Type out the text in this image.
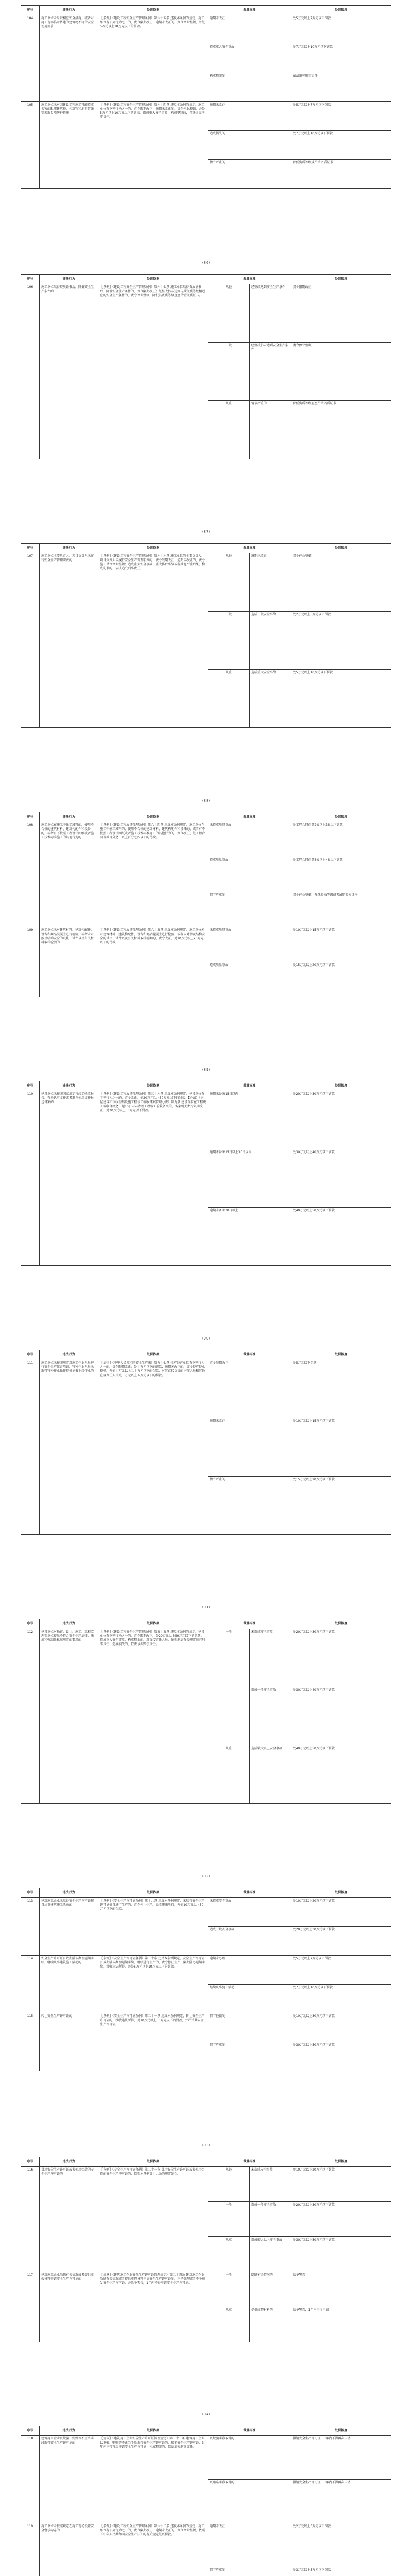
序号	违法行为	处罚依据	裁量标准	处罚幅度
104	施工单位未采取相应安全措施，或者对施工现场临时搭建的建筑物不符合安全使用要求	【条例】《建设工程安全生产管理条例》第六十五条 违反本条例的规定，施工单位有下列行为之一的，责令限期改正；逾期未改正的，责令停业整顿，并处5万元以上10万元以下的罚款。	逾期未改正	处5万元以上7万元以下罚款
			造成重大安全事故	处7万元以上10万元以下罚款
			构成犯罪的	依法追究刑事责任
105	施工单位未对因建设工程施工可能造成损害的毗邻建筑物、构筑物和地下管线等采取专项防护措施	【条例】《建设工程安全生产管理条例》第六十四条 违反本条例的规定，施工单位有下列行为之一的，责令限期改正；逾期未改正的，责令停业整顿，并处5万元以上10万元以下的罚款；造成重大安全事故，构成犯罪的，依法追究刑事责任。	逾期未改正	处5万元以上7万元以下罚款
			造成损失的	处7万元以上10万元以下罚款
			情节严重的	降低资质等级或吊销资质证书
(86)
序号	违法行为	处罚依据	裁量标准		处罚幅度
106	施工单位取得资质证书后，降低安全生产条件的	【条例】《建设工程安全生产管理条例》第六十七条 施工单位取得资质证书后，降低安全生产条件的，责令限期改正；经整改仍未达到与其资质等级相适应的安全生产条件的，责令停业整顿，降低其资质等级直至吊销资质证书。	从轻	经整改达到安全生产条件	责令限期改正
			一般	经整改仍未达到安全生产条件	责令停业整顿
			从重	情节严重的	降低资质等级直至吊销资质证书
(87)
序号	违法行为	处罚依据	裁量标准		处罚幅度
107	施工单位主要负责人、项目负责人未履行安全生产管理职责的	【条例】《建设工程安全生产管理条例》第六十六条 施工单位的主要负责人、项目负责人未履行安全生产管理职责的，责令限期改正；逾期未改正的，责令施工单位停业整顿；造成重大安全事故、重大伤亡事故或者其他严重后果，构成犯罪的，依法追究刑事责任。	从轻	逾期未改正	责令停业整顿
			一般	造成一般安全事故	处2万元以上5万元以下罚款
			从重	造成重大安全事故	处5万元以上10万元以下罚款
(88)
序号	违法行为	处罚依据	裁量标准	处罚幅度
108	施工单位在施工中偷工减料的，使用不合格的建筑材料、建筑构配件和设备的，或者有不按照工程设计图纸或者施工技术标准施工的其他行为的	【条例】《建设工程质量管理条例》第六十四条 违反本条例规定，施工单位在施工中偷工减料的，使用不合格的建筑材料、建筑构配件和设备的，或者有不按照工程设计图纸或者施工技术标准施工的其他行为的，责令改正，处工程合同价款百分之二以上百分之四以下的罚款。	未造成质量事故	处工程合同价款2%以上3%以下罚款
			造成质量事故	处工程合同价款3%以上4%以下罚款
			情节严重的	责令停业整顿，降低资质等级或者吊销资质证书
109	施工单位未对建筑材料、建筑构配件、设备和商品混凝土进行检验，或者未对涉及结构安全的试块、试件以及有关材料取样检测的	【条例】《建设工程质量管理条例》第六十五条 违反本条例规定，施工单位未对建筑材料、建筑构配件、设备和商品混凝土进行检验，或者未对涉及结构安全的试块、试件以及有关材料取样检测的，责令改正，处10万元以上20万元以下的罚款。	未造成质量事故	处10万元以上15万元以下罚款
			造成质量事故	处15万元以上20万元以下罚款
(89)
序号	违法行为	处罚依据	裁量标准	处罚幅度
110	建设单位未按照国家规定将竣工验收报告、有关认可文件或者准许使用文件报送备案的	【条例】《建设工程质量管理条例》第五十六条 违反本条例规定，建设单位有下列行为之一的，责令改正，处20万元以上50万元以下的罚款。【办法】《房屋建筑和市政基础设施工程竣工验收备案管理办法》第九条 建设单位在工程竣工验收合格之日起15日内未办理工程竣工验收备案的，备案机关责令限期改正，处20万元以上50万元以下罚款。	逾期未备案15日以内	处20万元以上30万元以下罚款
			逾期未备案15日以上30日以内	处30万元以上40万元以下罚款
			逾期未备案30日以上	处40万元以上50万元以下罚款
(90)
序号	违法行为	处罚依据	裁量标准	处罚幅度
111	施工单位未按照规定对施工作业人员进行安全生产教育培训，特种作业人员未取得特种作业操作资格证书上岗作业的	【法律】《中华人民共和国安全生产法》第九十七条 生产经营单位有下列行为之一的，责令限期改正，处十万元以下的罚款；逾期未改正的，责令停产停业整顿，并处十万元以上二十万元以下的罚款，对其直接负责的主管人员和其他直接责任人员处二万元以上五万元以下的罚款。	责令限期改正	处5万元以下罚款
			逾期未改正	处10万元以上15万元以下罚款
			情节严重的	处15万元以上20万元以下罚款
(91)
序号	违法行为	处罚依据	裁量标准		处罚幅度
112	建设单位对勘察、设计、施工、工程监理等单位提出不符合安全生产法律、法规和强制性标准规定的要求的	【条例】《建设工程安全生产管理条例》第五十五条 违反本条例的规定，建设单位有下列行为之一的，责令限期改正，处20万元以上50万元以下的罚款；造成重大安全事故，构成犯罪的，对直接责任人员，依照刑法有关规定追究刑事责任；造成损失的，依法承担赔偿责任。	一般	未造成安全事故	处20万元以上30万元以下罚款
				造成一般安全事故	处30万元以上40万元以下罚款
			从重	造成较大以上安全事故	处40万元以上50万元以下罚款
(92)
序号	违法行为	处罚依据	裁量标准	处罚幅度
113	建筑施工企业未取得安全生产许可证擅自从事建筑施工活动的	【条例】《安全生产许可证条例》第十九条 违反本条例规定，未取得安全生产许可证擅自进行生产的，责令停止生产，没收违法所得，并处10万元以上50万元以下的罚款。	未造成安全事故	处10万元以上20万元以下罚款
			造成一般安全事故	处20万元以上30万元以下罚款
114	安全生产许可证有效期满未办理延期手续，继续从事建筑施工活动的	【条例】《安全生产许可证条例》第二十条 违反本条例规定，安全生产许可证有效期满未办理延期手续，继续进行生产的，责令停止生产，限期补办延期手续，没收违法所得，并处5万元以上10万元以下的罚款。	逾期未办理	处5万元以上7万元以下罚款
			继续从事施工活动	处7万元以上10万元以下罚款
115	转让安全生产许可证的	【条例】《安全生产许可证条例》第二十一条 违反本条例规定，转让安全生产许可证的，没收违法所得，处10万元以上50万元以下的罚款，并吊销其安全生产许可证。	情节轻微的	处10万元以上30万元以下罚款
			情节严重的	处30万元以上50万元以下罚款
(93)
序号	违法行为	处罚依据	裁量标准		处罚幅度
116	冒用安全生产许可证或者使用伪造的安全生产许可证的	【条例】《安全生产许可证条例》第二十一条 冒用安全生产许可证或者使用伪造的安全生产许可证的，依照本条例第十九条的规定处罚。	从轻	未造成安全事故	处10万元以上20万元以下罚款
			一般	造成一般安全事故	处20万元以上30万元以下罚款
			从重	造成较大以上安全事故	处30万元以上50万元以下罚款
117	建筑施工企业隐瞒有关情况或者提供虚假材料申请安全生产许可证的	【规章】《建筑施工企业安全生产许可证管理规定》第二十四条 建筑施工企业隐瞒有关情况或者提供虚假材料申请安全生产许可证的，不予受理或者不予颁发安全生产许可证，并给予警告，1年内不得申请安全生产许可证。	一般	隐瞒有关情况的	给予警告
			从重	提供虚假材料的	给予警告，1年内不得申请
(94)
序号	违法行为	处罚依据	裁量标准	处罚幅度
118	建筑施工企业以欺骗、贿赂等不正当手段取得安全生产许可证的	【规章】《建筑施工企业安全生产许可证管理规定》第二十五条 建筑施工企业以欺骗、贿赂等不正当手段取得安全生产许可证的，撤销安全生产许可证，3年内不得再次申请安全生产许可证；构成犯罪的，依法追究刑事责任。	以欺骗手段取得的	撤销安全生产许可证，3年内不得再次申请
			以贿赂手段取得的	撤销安全生产许可证，3年内不得再次申请
119	施工单位未按照规定在施工现场设置安全警示标志的	【条例】《建设工程安全生产管理条例》第六十二条 违反本条例的规定，施工单位有下列行为之一的，责令限期改正；逾期未改正的，责令停业整顿，依照《中华人民共和国安全生产法》的有关规定处以罚款。	逾期未改正	处2万元以上3万元以下罚款
			情节严重的	处3万元以上5万元以下罚款
